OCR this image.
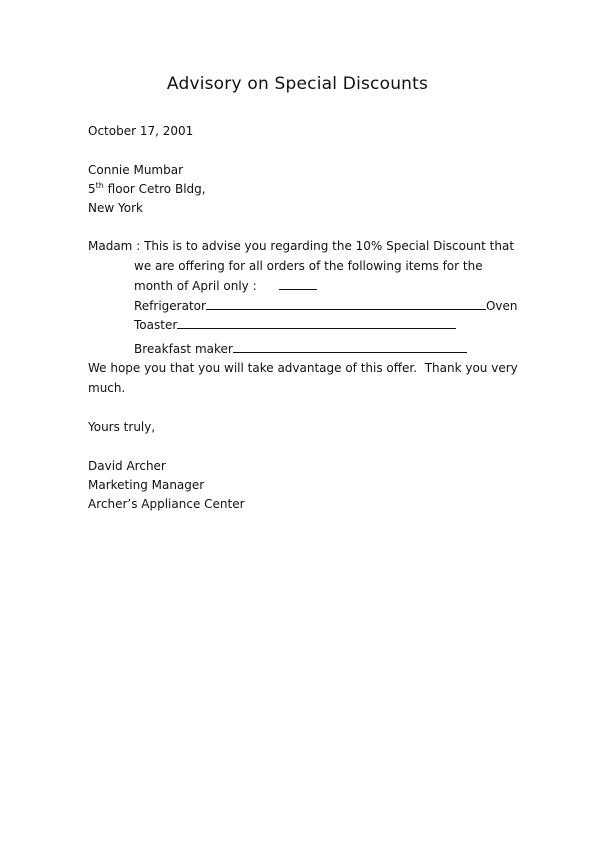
Advisory on Special Discounts
October 17, 2001
Connie Mumbar
5th floor Cetro Bldg,
New York
Madam : This is to advise you regarding the 10% Special Discount that
we are offering for all orders of the following items for the
month of April only :
Refrigerator	Oven
Toaster
Breakfast maker
We hope you that you will take advantage of this offer.  Thank you very
much.
Yours truly,
David Archer
Marketing Manager
Archer’s Appliance Center
